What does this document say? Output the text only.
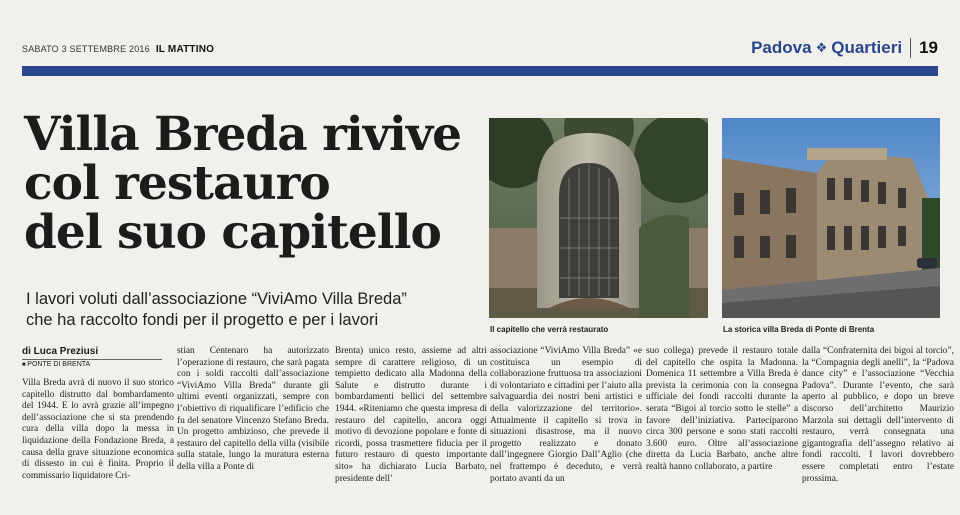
SABATO 3 SETTEMBRE 2016 IL MATTINO	Padova ❖ Quartieri	19
Villa Breda rivive
col restauro
del suo capitello
I lavori voluti dall’associazione “ViviAmo Villa Breda”
che ha raccolto fondi per il progetto e per i lavori
Il capitello che verrà restaurato	La storica villa Breda di Ponte di Brenta
di Luca Preziusi
■ PONTE DI BRENTA
Villa Breda avrà di nuovo il suo storico capitello distrutto dal bombardamento del 1944. E lo avrà grazie all’impegno dell’associazione che si sta prendendo cura della villa dopo la messa in liquidazione della Fondazione Breda, a causa della grave situazione economica di dissesto in cui è finita. Proprio il commissario liquidatore Cri-
stian Centenaro ha autorizzato l’operazione di restauro, che sarà pagata con i soldi raccolti dall’associazione “ViviAmo Villa Breda” durante gli ultimi eventi organizzati, sempre con l’obiettivo di riqualificare l’edificio che fu del senatore Vincenzo Stefano Breda. Un progetto ambizioso, che prevede il restauro del capitello della villa (visibile sulla statale, lungo la muratura esterna della villa a Ponte di
Brenta) unico resto, assieme ad altri sempre di carattere religioso, di un tempietto dedicato alla Madonna della Salute e distrutto durante i bombardamenti bellici del settembre 1944. «Riteniamo che questa impresa di restauro del capitello, ancora oggi motivo di devozione popolare e fonte di ricordi, possa trasmettere fiducia per il futuro restauro di questo importante sito» ha dichiarato Lucia Barbato, presidente dell’
associazione “ViviAmo Villa Breda” «e costituisca un esempio di collaborazione fruttuosa tra associazioni di volontariato e cittadini per l’aiuto alla salvaguardia dei nostri beni artistici e della valorizzazione del territorio». Attualmente il capitello si trova in situazioni disastrose, ma il nuovo progetto realizzato e donato dall’ingegnere Giorgio Dall’Aglio (che nel frattempo è deceduto, e verrà portato avanti da un
suo collega) prevede il restauro totale del capitello che ospita la Madonna. Domenica 11 settembre a Villa Breda è prevista la cerimonia con la consegna ufficiale dei fondi raccolti durante la serata “Bigoi al torcio sotto le stelle” a favore dell’iniziativa. Parteciparono circa 300 persone e sono stati raccolti 3.600 euro. Oltre all’associazione diretta da Lucia Barbato, anche altre realtà hanno collaborato, a partire
dalla “Confraternita dei bigoi al torcio”, la “Compagnia degli anelli”, la “Padova dance city” e l’associazione “Vecchia Padova”. Durante l’evento, che sarà aperto al pubblico, e dopo un breve discorso dell’architetto Maurizio Marzola sui dettagli dell’intervento di restauro, verrà consegnata una gigantografia dell’assegno relativo ai fondi raccolti. I lavori dovrebbero essere completati entro l’estate prossima.
